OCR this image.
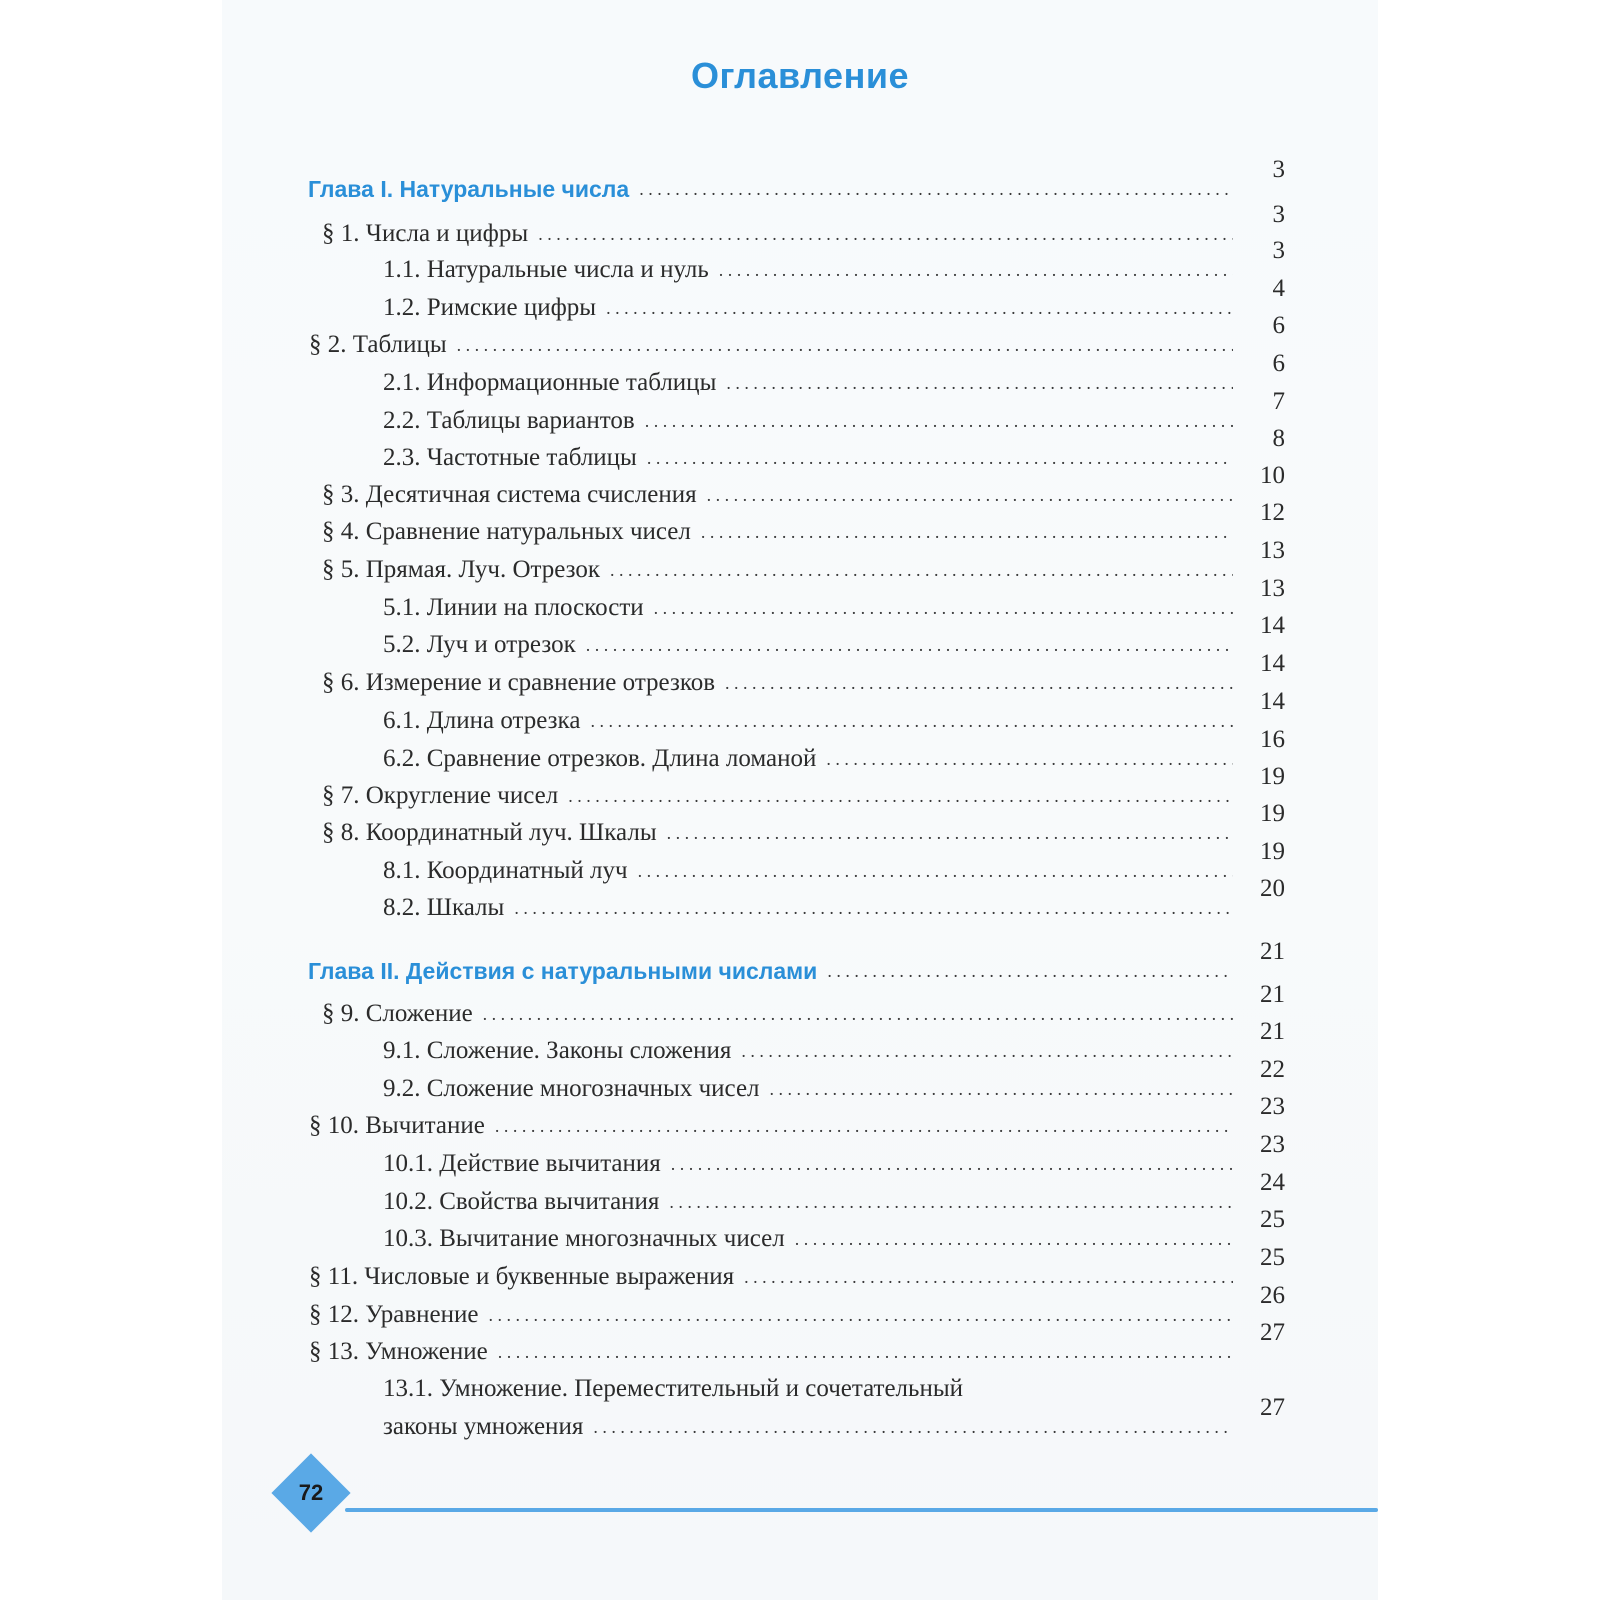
Оглавление
Глава I. Натуральные числа
. . .
3
§ 1. Числа и цифры
. . .
3
1.1. Натуральные числа и нуль
. . .
3
1.2. Римские цифры
. . .
4
§ 2. Таблицы
. . .
6
2.1. Информационные таблицы
. . .
6
2.2. Таблицы вариантов
. . .
7
2.3. Частотные таблицы
. . .
8
§ 3. Десятичная система счисления
. . .
10
§ 4. Сравнение натуральных чисел
. . .
12
§ 5. Прямая. Луч. Отрезок
. . .
13
5.1. Линии на плоскости
. . .
13
5.2. Луч и отрезок
. . .
14
§ 6. Измерение и сравнение отрезков
. . .
14
6.1. Длина отрезка
. . .
14
6.2. Сравнение отрезков. Длина ломаной
. . .
16
§ 7. Округление чисел
. . .
19
§ 8. Координатный луч. Шкалы
. . .
19
8.1. Координатный луч
. . .
19
8.2. Шкалы
. . .
20
Глава II. Действия с натуральными числами
. . .
21
§ 9. Сложение
. . .
21
9.1. Сложение. Законы сложения
. . .
21
9.2. Сложение многозначных чисел
. . .
22
§ 10. Вычитание
. . .
23
10.1. Действие вычитания
. . .
23
10.2. Свойства вычитания
. . .
24
10.3. Вычитание многозначных чисел
. . .
25
§ 11. Числовые и буквенные выражения
. . .
25
§ 12. Уравнение
. . .
26
§ 13. Умножение
. . .
27
13.1. Умножение. Переместительный и сочетательный
законы умножения
. . .
27
72
